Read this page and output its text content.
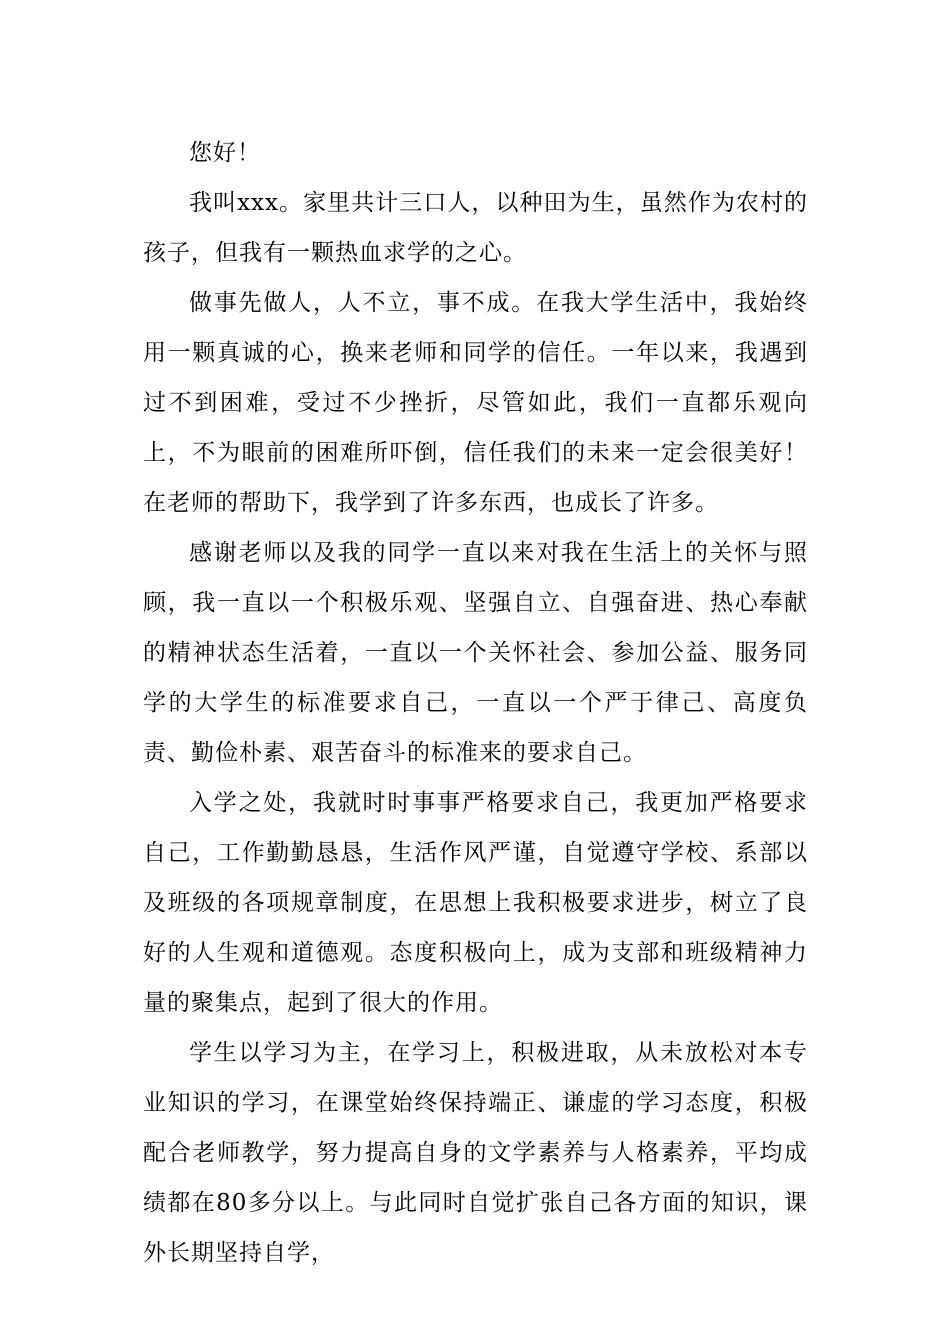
您好！

我叫xxx。家里共计三口人，以种田为生，虽然作为农村的孩子，但我有一颗热血求学的之心。

做事先做人，人不立，事不成。在我大学生活中，我始终用一颗真诚的心，换来老师和同学的信任。一年以来，我遇到过不到困难，受过不少挫折，尽管如此，我们一直都乐观向上，不为眼前的困难所吓倒，信任我们的未来一定会很美好！在老师的帮助下，我学到了许多东西，也成长了许多。

感谢老师以及我的同学一直以来对我在生活上的关怀与照顾，我一直以一个积极乐观、坚强自立、自强奋进、热心奉献的精神状态生活着，一直以一个关怀社会、参加公益、服务同学的大学生的标准要求自己，一直以一个严于律己、高度负责、勤俭朴素、艰苦奋斗的标准来的要求自己。

入学之处，我就时时事事严格要求自己，我更加严格要求自己，工作勤勤恳恳，生活作风严谨，自觉遵守学校、系部以及班级的各项规章制度，在思想上我积极要求进步，树立了良好的人生观和道德观。态度积极向上，成为支部和班级精神力量的聚集点，起到了很大的作用。

学生以学习为主，在学习上，积极进取，从未放松对本专业知识的学习，在课堂始终保持端正、谦虚的学习态度，积极配合老师教学，努力提高自身的文学素养与人格素养，平均成绩都在80多分以上。与此同时自觉扩张自己各方面的知识，课外长期坚持自学，
